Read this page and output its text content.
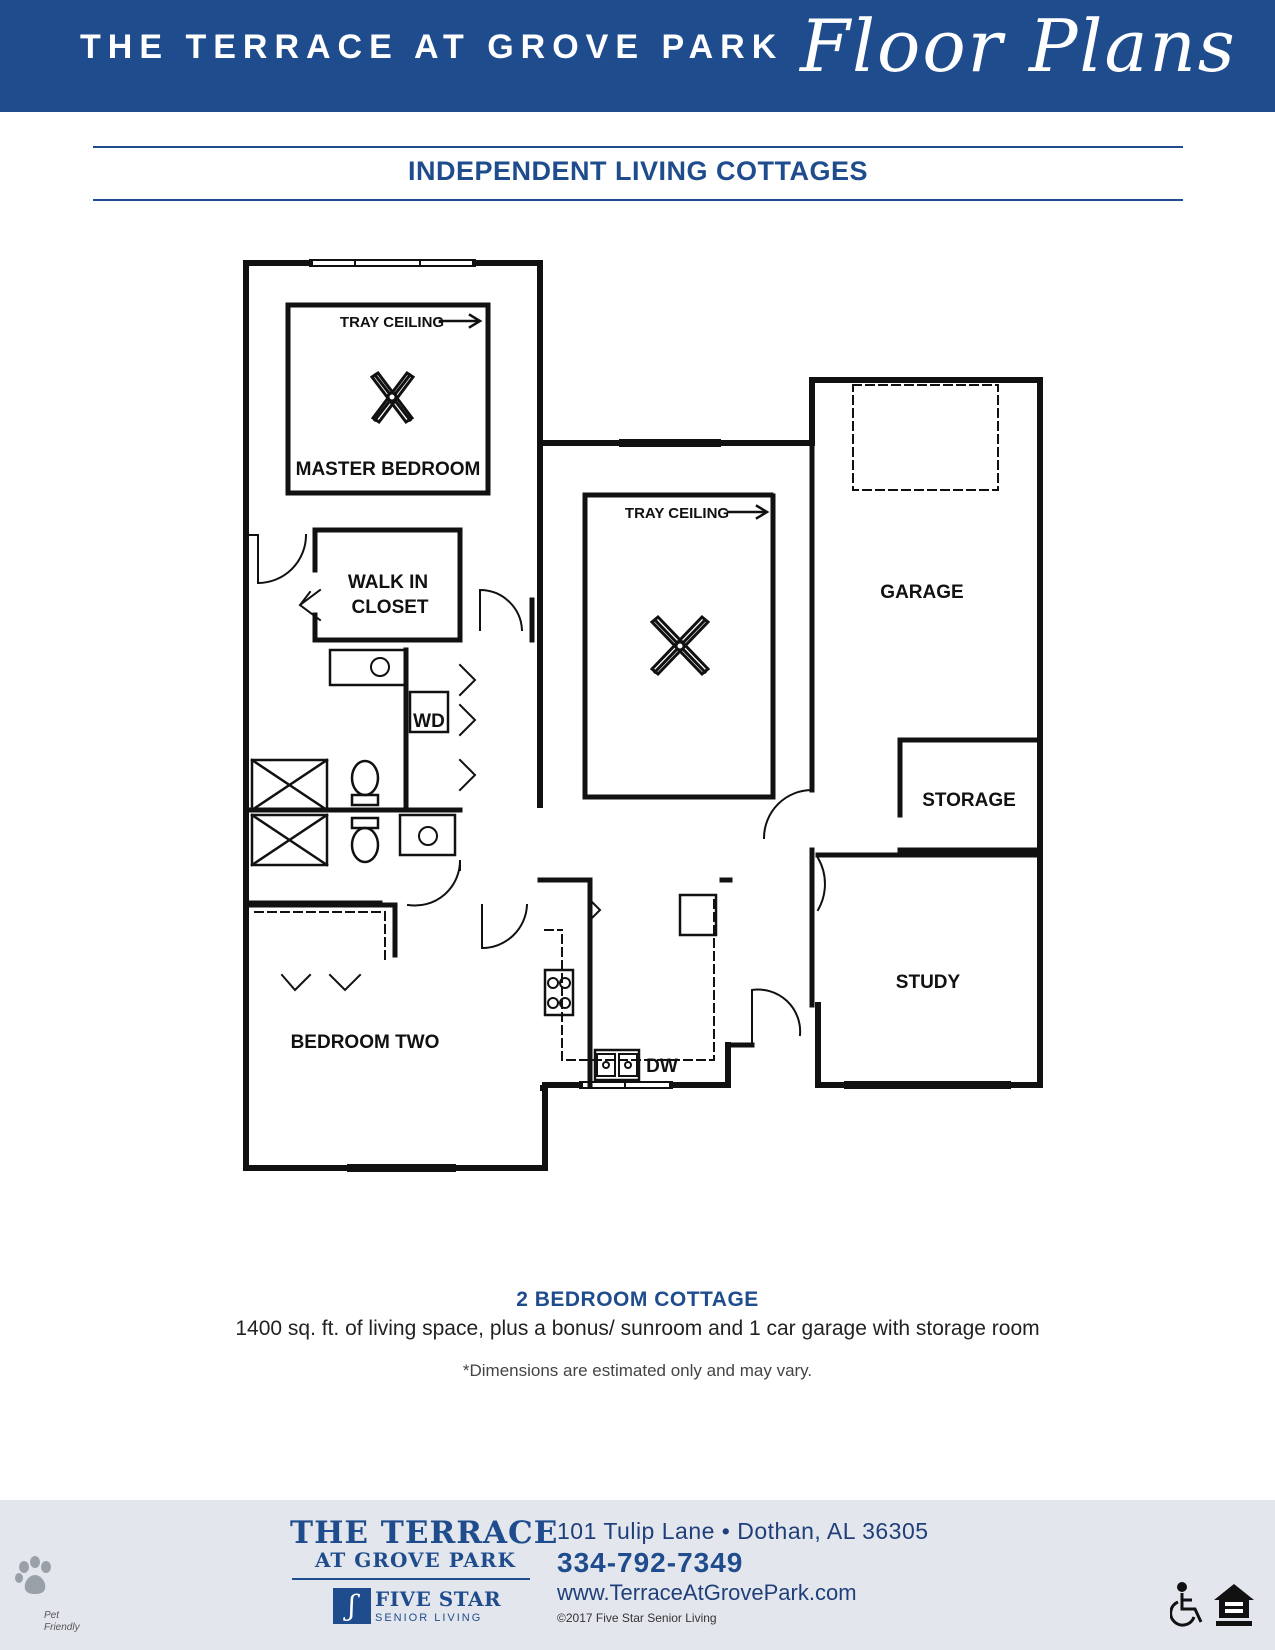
THE TERRACE AT GROVE PARK Floor Plans
INDEPENDENT LIVING COTTAGES
TRAY CEILING
TRAY CEILING
MASTER BEDROOM
WALK IN
CLOSET
WD
GARAGE
STORAGE
STUDY
BEDROOM TWO
DW
2 BEDROOM COTTAGE
1400 sq. ft. of living space, plus a bonus/ sunroom and 1 car garage with storage room
*Dimensions are estimated only and may vary.
THE TERRACE
AT GROVE PARK
ʃ FIVE STAR
SENIOR LIVING
101 Tulip Lane • Dothan, AL 36305
334-792-7349
www.TerraceAtGrovePark.com
©2017 Five Star Senior Living
Pet
Friendly
